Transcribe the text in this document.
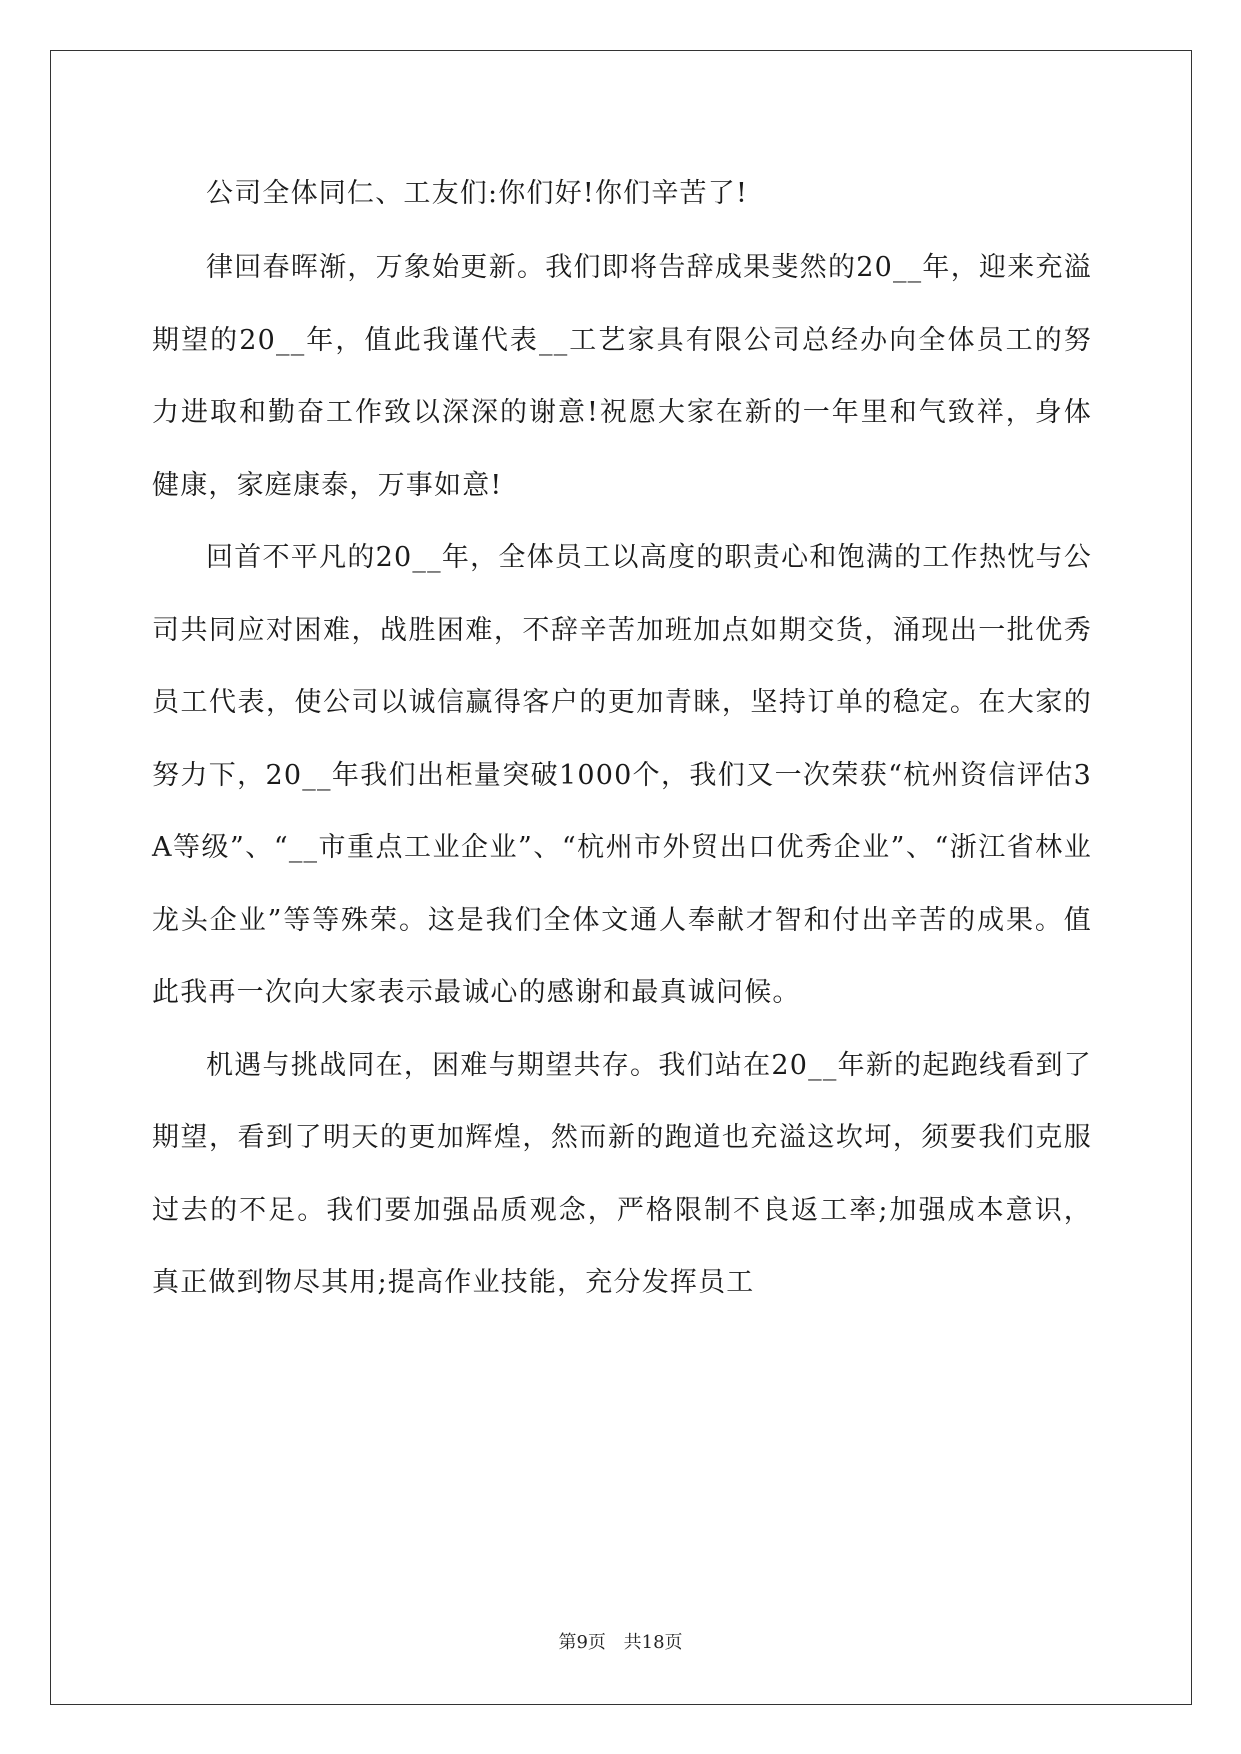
公司全体同仁、工友们:你们好!你们辛苦了!

律回春晖渐，万象始更新。我们即将告辞成果斐然的20__年，迎来充溢期望的20__年，值此我谨代表__工艺家具有限公司总经办向全体员工的努力进取和勤奋工作致以深深的谢意!祝愿大家在新的一年里和气致祥，身体健康，家庭康泰，万事如意!

回首不平凡的20__年，全体员工以高度的职责心和饱满的工作热忱与公司共同应对困难，战胜困难，不辞辛苦加班加点如期交货，涌现出一批优秀员工代表，使公司以诚信赢得客户的更加青睐，坚持订单的稳定。在大家的努力下，20__年我们出柜量突破1000个，我们又一次荣获“杭州资信评估3A等级”、“__市重点工业企业”、“杭州市外贸出口优秀企业”、“浙江省林业龙头企业”等等殊荣。这是我们全体文通人奉献才智和付出辛苦的成果。值此我再一次向大家表示最诚心的感谢和最真诚问候。

机遇与挑战同在，困难与期望共存。我们站在20__年新的起跑线看到了期望，看到了明天的更加辉煌，然而新的跑道也充溢这坎坷，须要我们克服过去的不足。我们要加强品质观念，严格限制不良返工率;加强成本意识，真正做到物尽其用;提高作业技能，充分发挥员工

第9页 共18页
